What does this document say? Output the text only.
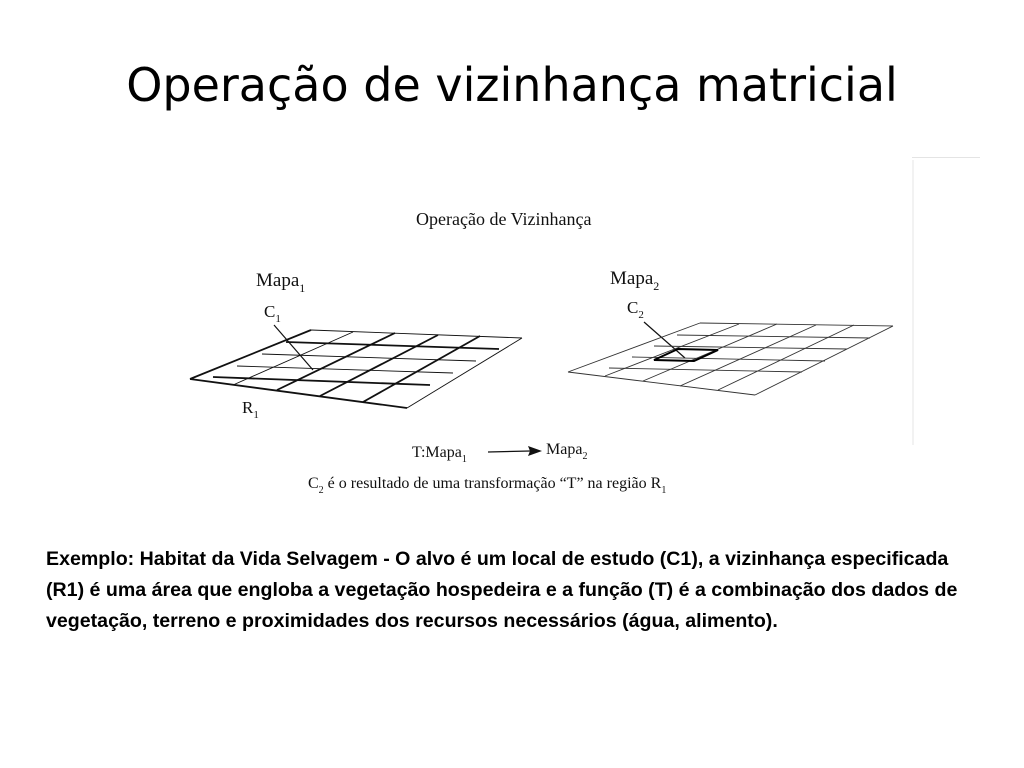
Operação de vizinhança matricial
Operação de Vizinhança
Mapa$_1$
$C_1$
$R_1$
Mapa$_2$
$C_2$
T:Mapa$_1$
Mapa$_2$
$C_2$ é o resultado de uma transformação “T” na região $R_1$
Exemplo: Habitat da Vida Selvagem - O alvo é um local de estudo (C1), a vizinhança especificada (R1) é uma área que engloba a vegetação hospedeira e a função (T) é a combinação dos dados de vegetação, terreno e proximidades dos recursos necessários (água, alimento).
